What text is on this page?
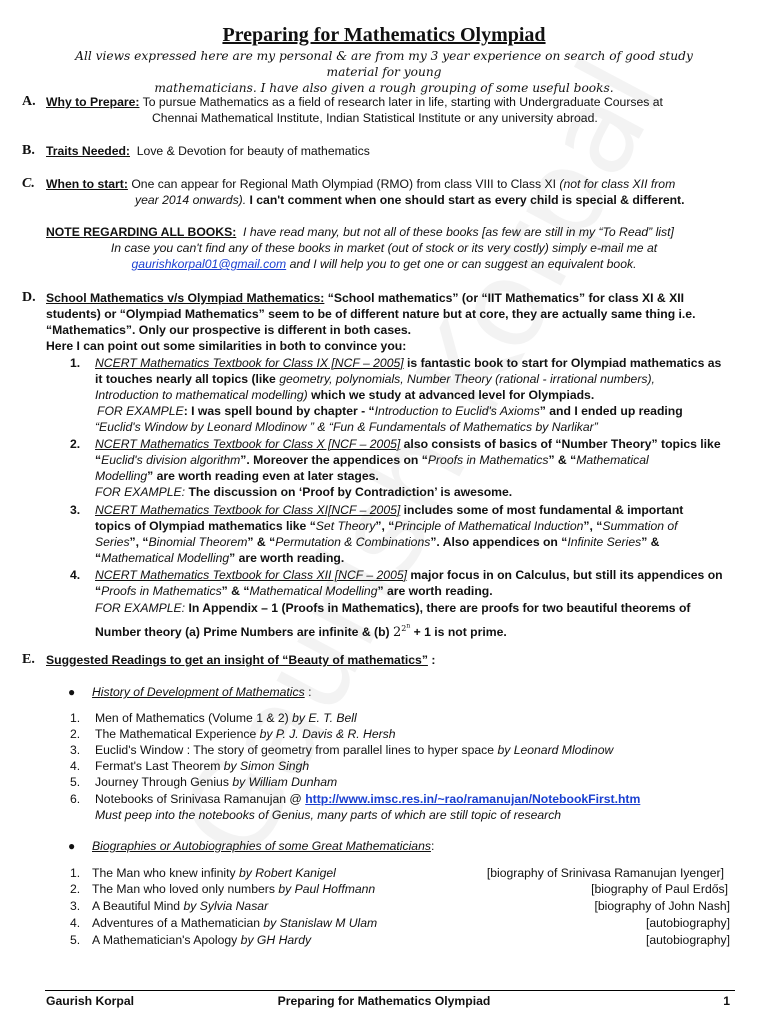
Preparing for Mathematics Olympiad
All views expressed here are my personal & are from my 3 year experience on search of good study material for young
mathematicians. I have also given a rough grouping of some useful books.
A. Why to Prepare: To pursue Mathematics as a field of research later in life, starting with Undergraduate Courses at
Chennai Mathematical Institute, Indian Statistical Institute or any university abroad.
B. Traits Needed: Love & Devotion for beauty of mathematics
C. When to start: One can appear for Regional Math Olympiad (RMO) from class VIII to Class XI (not for class XII from
year 2014 onwards). I can't comment when one should start as every child is special & different.
NOTE REGARDING ALL BOOKS: I have read many, but not all of these books [as few are still in my “To Read” list]
In case you can't find any of these books in market (out of stock or its very costly) simply e-mail me at
gaurishkorpal01@gmail.com and I will help you to get one or can suggest an equivalent book.
D. School Mathematics v/s Olympiad Mathematics: “School mathematics” (or “IIT Mathematics” for class XI & XII
students) or “Olympiad Mathematics” seem to be of different nature but at core, they are actually same thing i.e.
“Mathematics”. Only our prospective is different in both cases.
Here I can point out some similarities in both to convince you:
1. NCERT Mathematics Textbook for Class IX [NCF – 2005] is fantastic book to start for Olympiad mathematics as
it touches nearly all topics (like geometry, polynomials, Number Theory (rational - irrational numbers),
Introduction to mathematical modelling) which we study at advanced level for Olympiads.
FOR EXAMPLE: I was spell bound by chapter - “Introduction to Euclid's Axioms” and I ended up reading
“Euclid's Window by Leonard Mlodinow ” & “Fun & Fundamentals of Mathematics by Narlikar”
2. NCERT Mathematics Textbook for Class X [NCF – 2005] also consists of basics of “Number Theory” topics like
“Euclid's division algorithm”. Moreover the appendices on “Proofs in Mathematics” & “Mathematical
Modelling” are worth reading even at later stages.
FOR EXAMPLE: The discussion on ‘Proof by Contradiction’ is awesome.
3. NCERT Mathematics Textbook for Class XI[NCF – 2005] includes some of most fundamental & important
topics of Olympiad mathematics like “Set Theory”, “Principle of Mathematical Induction”, “Summation of
Series”, “Binomial Theorem” & “Permutation & Combinations”. Also appendices on “Infinite Series” &
“Mathematical Modelling” are worth reading.
4. NCERT Mathematics Textbook for Class XII [NCF – 2005] major focus in on Calculus, but still its appendices on
“Proofs in Mathematics” & “Mathematical Modelling” are worth reading.
FOR EXAMPLE: In Appendix – 1 (Proofs in Mathematics), there are proofs for two beautiful theorems of
Number theory (a) Prime Numbers are infinite & (b) $2^{2^n} + 1$ is not prime.
E. Suggested Readings to get an insight of “Beauty of mathematics” :
● History of Development of Mathematics :
1. Men of Mathematics (Volume 1 & 2) by E. T. Bell
2. The Mathematical Experience by P. J. Davis & R. Hersh
3. Euclid's Window : The story of geometry from parallel lines to hyper space by Leonard Mlodinow
4. Fermat's Last Theorem by Simon Singh
5. Journey Through Genius by William Dunham
6. Notebooks of Srinivasa Ramanujan @ http://www.imsc.res.in/~rao/ramanujan/NotebookFirst.htm
Must peep into the notebooks of Genius, many parts of which are still topic of research
● Biographies or Autobiographies of some Great Mathematicians:
1. The Man who knew infinity by Robert Kanigel	[biography of Srinivasa Ramanujan Iyenger]
2. The Man who loved only numbers by Paul Hoffmann	[biography of Paul Erdős]
3. A Beautiful Mind by Sylvia Nasar	[biography of John Nash]
4. Adventures of a Mathematician by Stanislaw M Ulam	[autobiography]
5. A Mathematician's Apology by GH Hardy	[autobiography]
Gaurish Korpal	Preparing for Mathematics Olympiad	1
